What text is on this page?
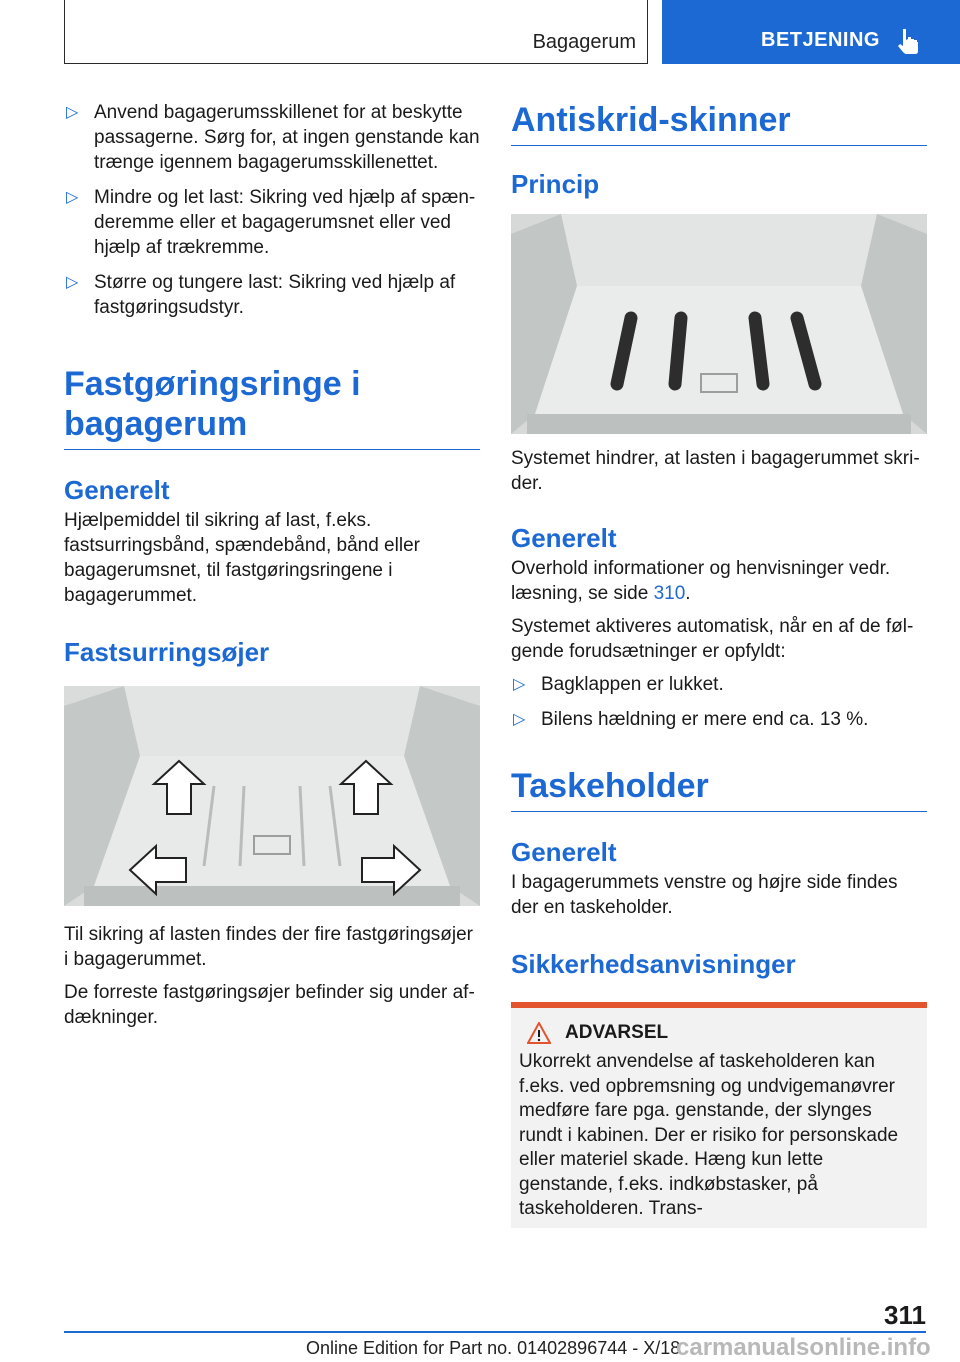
Bagagerum	BETJENING
▷ Anvend bagagerumsskillenet for at beskytte passagerne. Sørg for, at ingen genstande kan trænge igennem bagagerumsskillenettet.
▷ Mindre og let last: Sikring ved hjælp af spænderemme eller et bagagerumsnet eller ved hjælp af trækremme.
▷ Større og tungere last: Sikring ved hjælp af fastgøringsudstyr.
Fastgøringsringe i bagagerum
Generelt

Hjælpemiddel til sikring af last, f.eks. fastsurringsbånd, spændebånd, bånd eller bagagerumsnet, til fastgøringsringene i bagagerummet.

Fastsurringsøjer

Til sikring af lasten findes der fire fastgøringsøjer i bagagerummet.

De forreste fastgøringsøjer befinder sig under afdækninger.

Antiskrid-skinner
Princip

Systemet hindrer, at lasten i bagagerummet skrider.

Generelt

Overhold informationer og henvisninger vedr. læsning, se side 310.

Systemet aktiveres automatisk, når en af de følgende forudsætninger er opfyldt:

▷ Bagklappen er lukket.
▷ Bilens hældning er mere end ca. 13 %.
Taskeholder
Generelt

I bagagerummets venstre og højre side findes der en taskeholder.

Sikkerhedsanvisninger
ADVARSEL

Ukorrekt anvendelse af taskeholderen kan f.eks. ved opbremsning og undvigemanøvrer medføre fare pga. genstande, der slynges rundt i kabinen. Der er risiko for personskade eller materiel skade. Hæng kun lette genstande, f.eks. indkøbstasker, på taskeholderen. Trans-

311
Online Edition for Part no. 01402896744 - X/18
carmanualsonline.info
